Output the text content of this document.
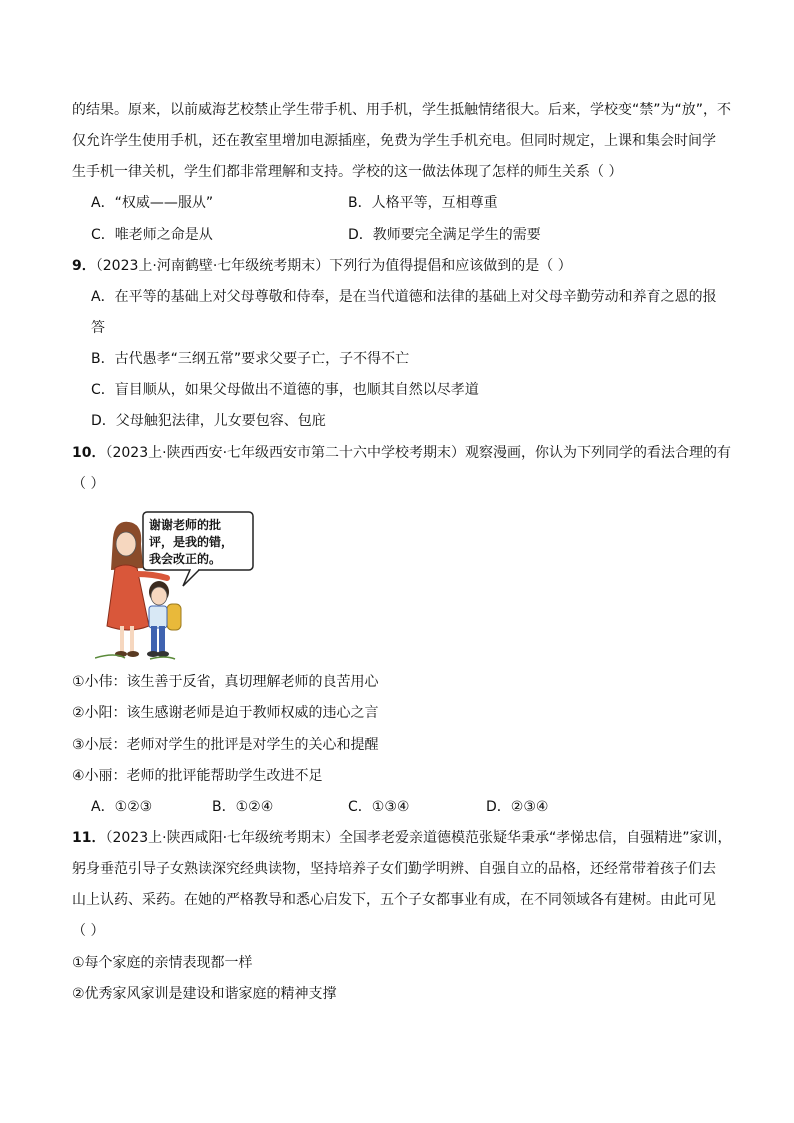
的结果。原来，以前威海艺校禁止学生带手机、用手机，学生抵触情绪很大。后来，学校变“禁”为“放”，不
仅允许学生使用手机，还在教室里增加电源插座，免费为学生手机充电。但同时规定，上课和集会时间学
生手机一律关机，学生们都非常理解和支持。学校的这一做法体现了怎样的师生关系（ ）
A．“权威——服从”	B．人格平等，互相尊重
C．唯老师之命是从	D．教师要完全满足学生的需要
9．（2023上·河南鹤壁·七年级统考期末）下列行为值得提倡和应该做到的是（ ）
A．在平等的基础上对父母尊敬和侍奉，是在当代道德和法律的基础上对父母辛勤劳动和养育之恩的报
答
B．古代愚孝“三纲五常”要求父要子亡，子不得不亡
C．盲目顺从，如果父母做出不道德的事，也顺其自然以尽孝道
D．父母触犯法律，儿女要包容、包庇
10．（2023上·陕西西安·七年级西安市第二十六中学校考期末）观察漫画，你认为下列同学的看法合理的有
（ ）
谢谢老师的批
评，是我的错，
我会改正的。
①小伟：该生善于反省，真切理解老师的良苦用心
②小阳：该生感谢老师是迫于教师权威的违心之言
③小辰：老师对学生的批评是对学生的关心和提醒
④小丽：老师的批评能帮助学生改进不足
A．①②③	B．①②④	C．①③④	D．②③④
11．（2023上·陕西咸阳·七年级统考期末）全国孝老爱亲道德模范张疑华秉承“孝悌忠信，自强精进”家训，
躬身垂范引导子女熟读深究经典读物，坚持培养子女们勤学明辨、自强自立的品格，还经常带着孩子们去
山上认药、采药。在她的严格教导和悉心启发下，五个子女都事业有成，在不同领域各有建树。由此可见
（ ）
①每个家庭的亲情表现都一样
②优秀家风家训是建设和谐家庭的精神支撑
